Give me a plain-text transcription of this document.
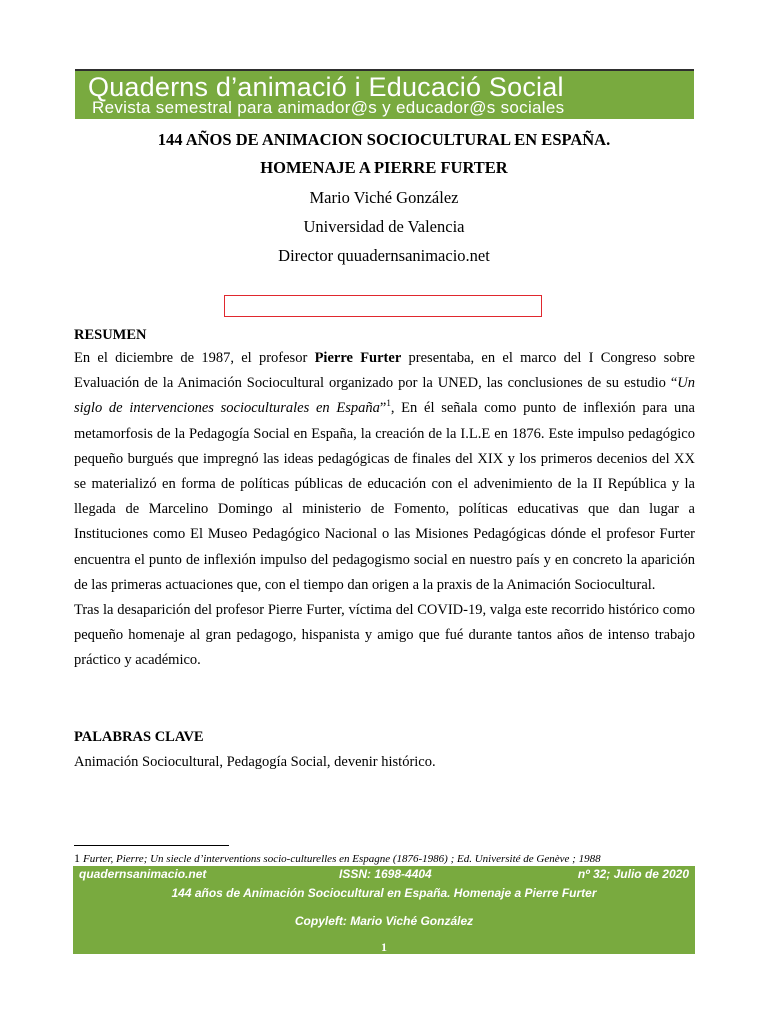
Quaderns d’animació i Educació Social
Revista semestral para animador@s y educador@s sociales
144 AÑOS DE ANIMACION SOCIOCULTURAL EN ESPAÑA.
HOMENAJE A PIERRE FURTER
Mario Viché González
Universidad de Valencia
Director quuadernsanimacio.net
RESUMEN

En el diciembre de 1987, el profesor Pierre Furter presentaba, en el marco del I Congreso sobre Evaluación de la Animación Sociocultural organizado por la UNED, las conclusiones de su estudio “Un siglo de intervenciones socioculturales en España”$^1$, En él señala como punto de inflexión para una metamorfosis de la Pedagogía Social en España, la creación de la I.L.E en 1876. Este impulso pedagógico pequeño burgués que impregnó las ideas pedagógicas de finales del XIX y los primeros decenios del XX se materializó en forma de políticas públicas de educación con el advenimiento de la II República y la llegada de Marcelino Domingo al ministerio de Fomento, políticas educativas que dan lugar a Instituciones como El Museo Pedagógico Nacional o las Misiones Pedagógicas dónde el profesor Furter encuentra el punto de inflexión impulso del pedagogismo social en nuestro país y en concreto la aparición de las primeras actuaciones que, con el tiempo dan origen a la praxis de la Animación Sociocultural.

Tras la desaparición del profesor Pierre Furter, víctima del COVID-19, valga este recorrido histórico como pequeño homenaje al gran pedagogo, hispanista y amigo que fué durante tantos años de intenso trabajo práctico y académico.

PALABRAS CLAVE
Animación Sociocultural, Pedagogía Social, devenir histórico.
1 Furter, Pierre; Un siecle d’interventions socio-culturelles en Espagne (1876-1986) ; Ed. Université de Genève ; 1988
quadernsanimacio.net	ISSN: 1698-4404	nº 32; Julio de 2020
144 años de Animación Sociocultural en España. Homenaje a Pierre Furter
Copyleft: Mario Viché González
1
